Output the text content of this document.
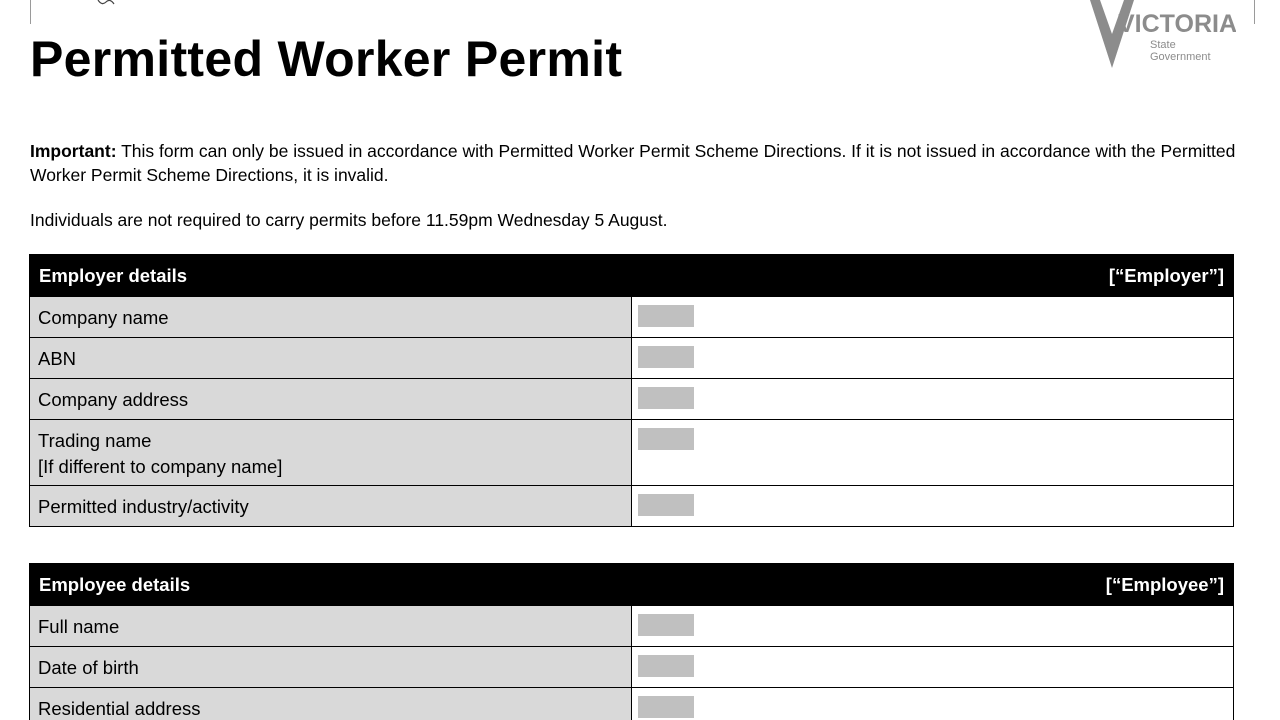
VICTORIA
State
Government
Permitted Worker Permit
Important: This form can only be issued in accordance with Permitted Worker Permit Scheme Directions. If it is not issued in accordance with the Permitted Worker Permit Scheme Directions, it is invalid.
Individuals are not required to carry permits before 11.59pm Wednesday 5 August.
Employer details [“Employer”]	

Company name	

ABN	

Company address	

Trading name
[If different to company name]	

Permitted industry/activity	
Employee details [“Employee”]	

Full name	

Date of birth	

Residential address	
